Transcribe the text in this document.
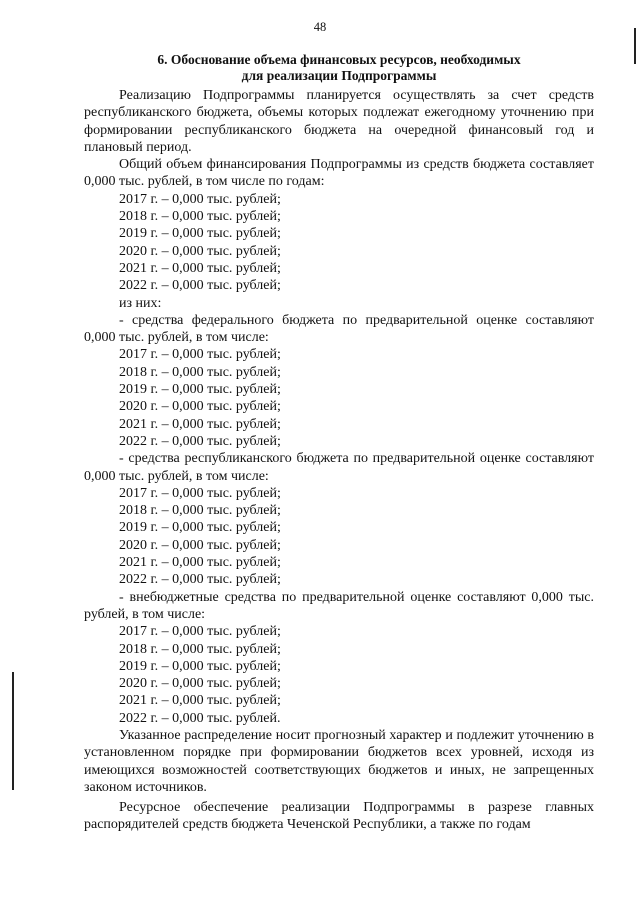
48
6. Обоснование объема финансовых ресурсов, необходимых
для реализации Подпрограммы

Реализацию Подпрограммы планируется осуществлять за счет средств республиканского бюджета, объемы которых подлежат ежегодному уточнению при формировании республиканского бюджета на очередной финансовый год и плановый период.

Общий объем финансирования Подпрограммы из средств бюджета составляет 0,000 тыс. рублей, в том числе по годам:

2017 г. – 0,000 тыс. рублей;

2018 г. – 0,000 тыс. рублей;

2019 г. – 0,000 тыс. рублей;

2020 г. – 0,000 тыс. рублей;

2021 г. – 0,000 тыс. рублей;

2022 г. – 0,000 тыс. рублей;

из них:

- средства федерального бюджета по предварительной оценке составляют 0,000 тыс. рублей, в том числе:

2017 г. – 0,000 тыс. рублей;

2018 г. – 0,000 тыс. рублей;

2019 г. – 0,000 тыс. рублей;

2020 г. – 0,000 тыс. рублей;

2021 г. – 0,000 тыс. рублей;

2022 г. – 0,000 тыс. рублей;

- средства республиканского бюджета по предварительной оценке составляют 0,000 тыс. рублей, в том числе:

2017 г. – 0,000 тыс. рублей;

2018 г. – 0,000 тыс. рублей;

2019 г. – 0,000 тыс. рублей;

2020 г. – 0,000 тыс. рублей;

2021 г. – 0,000 тыс. рублей;

2022 г. – 0,000 тыс. рублей;

- внебюджетные средства по предварительной оценке составляют 0,000 тыс. рублей, в том числе:

2017 г. – 0,000 тыс. рублей;

2018 г. – 0,000 тыс. рублей;

2019 г. – 0,000 тыс. рублей;

2020 г. – 0,000 тыс. рублей;

2021 г. – 0,000 тыс. рублей;

2022 г. – 0,000 тыс. рублей.

Указанное распределение носит прогнозный характер и подлежит уточнению в установленном порядке при формировании бюджетов всех уровней, исходя из имеющихся возможностей соответствующих бюджетов и иных, не запрещенных законом источников.

Ресурсное обеспечение реализации Подпрограммы в разрезе главных распорядителей средств бюджета Чеченской Республики, а также по годам
